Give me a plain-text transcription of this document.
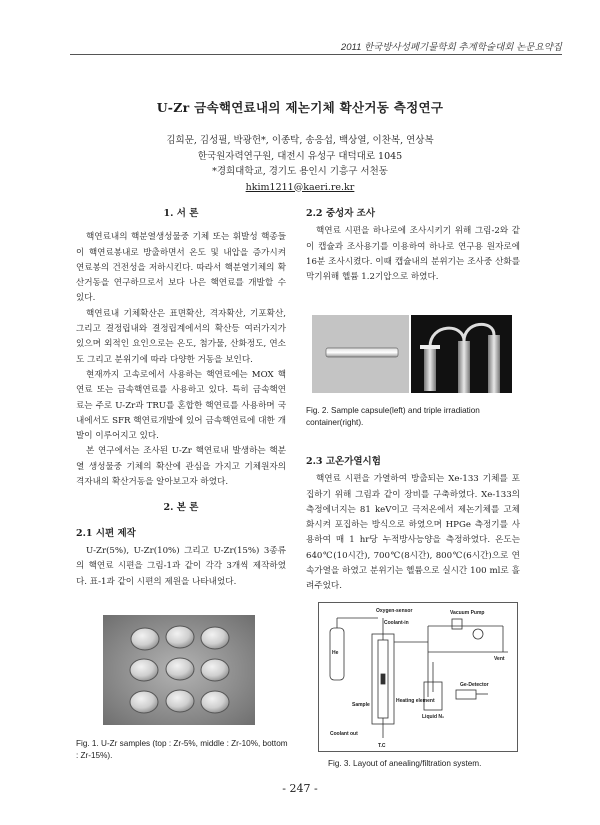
2011 한국방사성폐기물학회 추계학술대회 논문요약집
U-Zr 금속핵연료내의 제논기체 확산거동 측정연구
김희문, 김성필, 박광헌*, 이종탁, 송응섭, 백상열, 이찬복, 연상복
한국원자력연구원, 대전시 유성구 대덕대로 1045
*경희대학교, 경기도 용인시 기흥구 서천동
hkim1211@kaeri.re.kr
1. 서 론

핵연료내의 핵분열생성물중 기체 또는 휘발성 핵종들이 핵연료봉내로 방출하면서 온도 및 내압을 증가시켜 연료봉의 건전성을 저하시킨다. 따라서 핵분열기체의 확산거동을 연구하므로서 보다 나은 핵연료를 개발할 수 있다.

핵연료내 기체확산은 표면확산, 격자확산, 기포확산, 그리고 결정립내와 결정립계에서의 확산등 여러가지가 있으며 외적인 요인으로는 온도, 첨가물, 산화정도, 연소도 그리고 분위기에 따라 다양한 거동을 보인다.

현재까지 고속로에서 사용하는 핵연료에는 MOX 핵연료 또는 금속핵연료를 사용하고 있다. 특히 금속핵연료는 주로 U-Zr과 TRU를 혼합한 핵연료를 사용하며 국내에서도 SFR 핵연료개발에 있어 금속핵연료에 대한 개발이 이루어지고 있다.

본 연구에서는 조사된 U-Zr 핵연료내 발생하는 핵분열 생성물중 기체의 확산에 관심을 가지고 기체원자의 격자내의 확산거동을 알아보고자 하였다.

2. 본 론
2.1 시편 제작

U-Zr(5%), U-Zr(10%) 그리고 U-Zr(15%) 3종류의 핵연료 시편을 그림-1과 같이 각각 3개씩 제작하였다. 표-1과 같이 시편의 제원을 나타내었다.

Fig. 1. U-Zr samples (top : Zr-5%, middle : Zr-10%, bottom : Zr-15%).
2.2 중성자 조사

핵연료 시편을 하나로에 조사시키기 위해 그림-2와 같이 캡슐과 조사용기를 이용하여 하나로 연구용 원자로에 16분 조사시켰다. 이때 캡슐내의 분위기는 조사중 산화를 막기위해 헬륨 1.2기압으로 하였다.

Fig. 2. Sample capsule(left) and triple irradiation container(right).
2.3 고온가열시험

핵연료 시편을 가열하여 방출되는 Xe-133 기체를 포집하기 위해 그림과 같이 장비를 구축하였다. Xe-133의 측정에너지는 81 keV이고 극저온에서 제논기체를 고체화시켜 포집하는 방식으로 하였으며 HPGe 측정기를 사용하여 매 1 hr당 누적방사능양을 측정하였다. 온도는 640℃(10시간), 700℃(8시간), 800℃(6시간)으로 연속가열을 하였고 분위기는 헬륨으로 실시간 100 ml로 흘려주었다.

Oxygen-sensor
Coolant-in
Vacuum Pump
He
Vent
Heating element
Sample
Ge-Detector
Liquid N₂
Coolant out
T.C
Fig. 3. Layout of anealing/filtration system.
- 247 -
